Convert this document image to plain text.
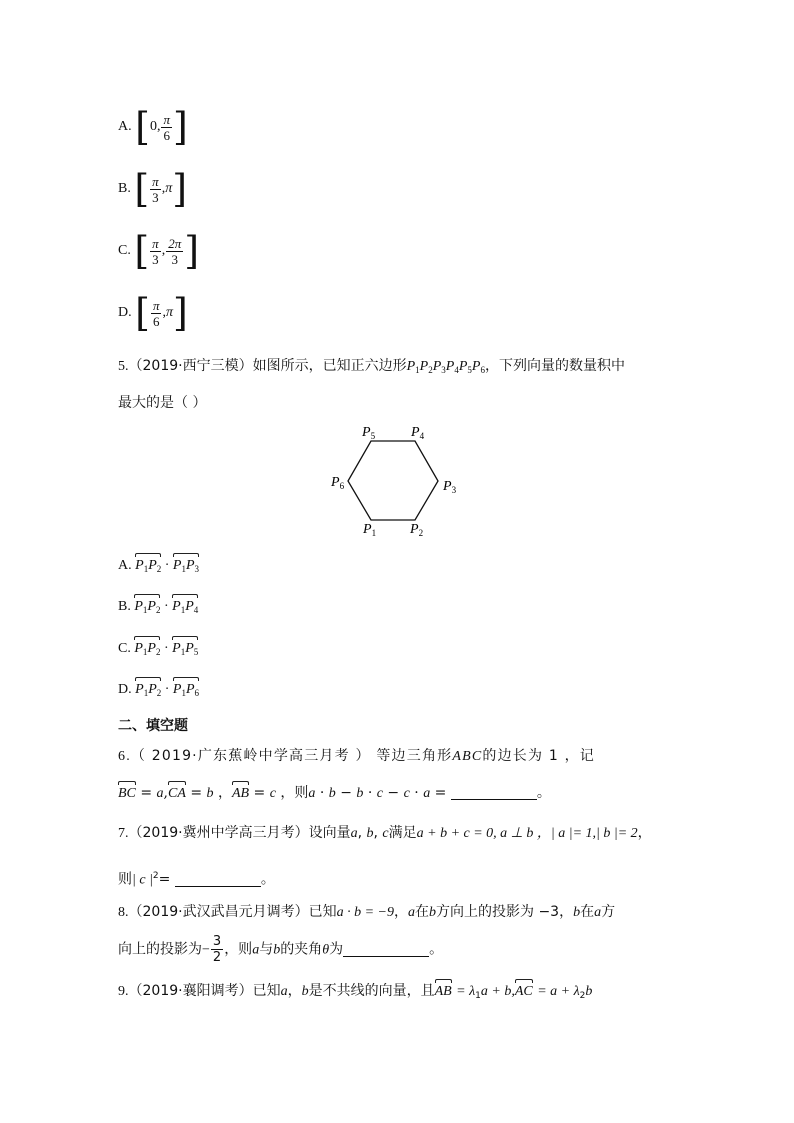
A. [0, $\frac{\pi}{6}$ ]
B. [ $\frac{\pi}{3} ,\pi$]
C. [ $\frac{\pi}{3}$ , $\frac{2\pi}{3}$ ]
D. [ $\frac{\pi}{6} ,\pi$]
5.（2019·西宁三模）如图所示，已知正六边形$P_1P_2P_3P_4P_5P_6$，下列向量的数量积中
最大的是（ ）
$P_5$	$P_4$
$P_6$	$P_3$
$P_1$ $P_2$
A. $P_1P_2 \cdot P_1P_3$
B. $P_1P_2 \cdot P_1P_4$
C. $P_1P_2 \cdot P_1P_5$
D. $P_1P_2 \cdot P_1P_6$
二、填空题
6.（ 2019·广东蕉岭中学高三月考 ） 等边三角形ABC的边长为 1 ，记
BC = a,CA = b ，AB = c ，则a · b − b · c − c · a =	。
7.（2019·冀州中学高三月考）设向量a, b, c满足a + b + c = 0, a ⊥ b ，| a |= 1,| b |= 2，
则| c $|^2=$	。
8.（2019·武汉武昌元月调考）已知a · b = −9，a在b方向上的投影为 −3，b在a方
向上的投影为− $\frac{3}{2}$ ，则a与b的夹角θ为	。
9.（2019·襄阳调考）已知a，b是不共线的向量，且AB = $\lambda_1a + b,AC = a + \lambda_2b$
